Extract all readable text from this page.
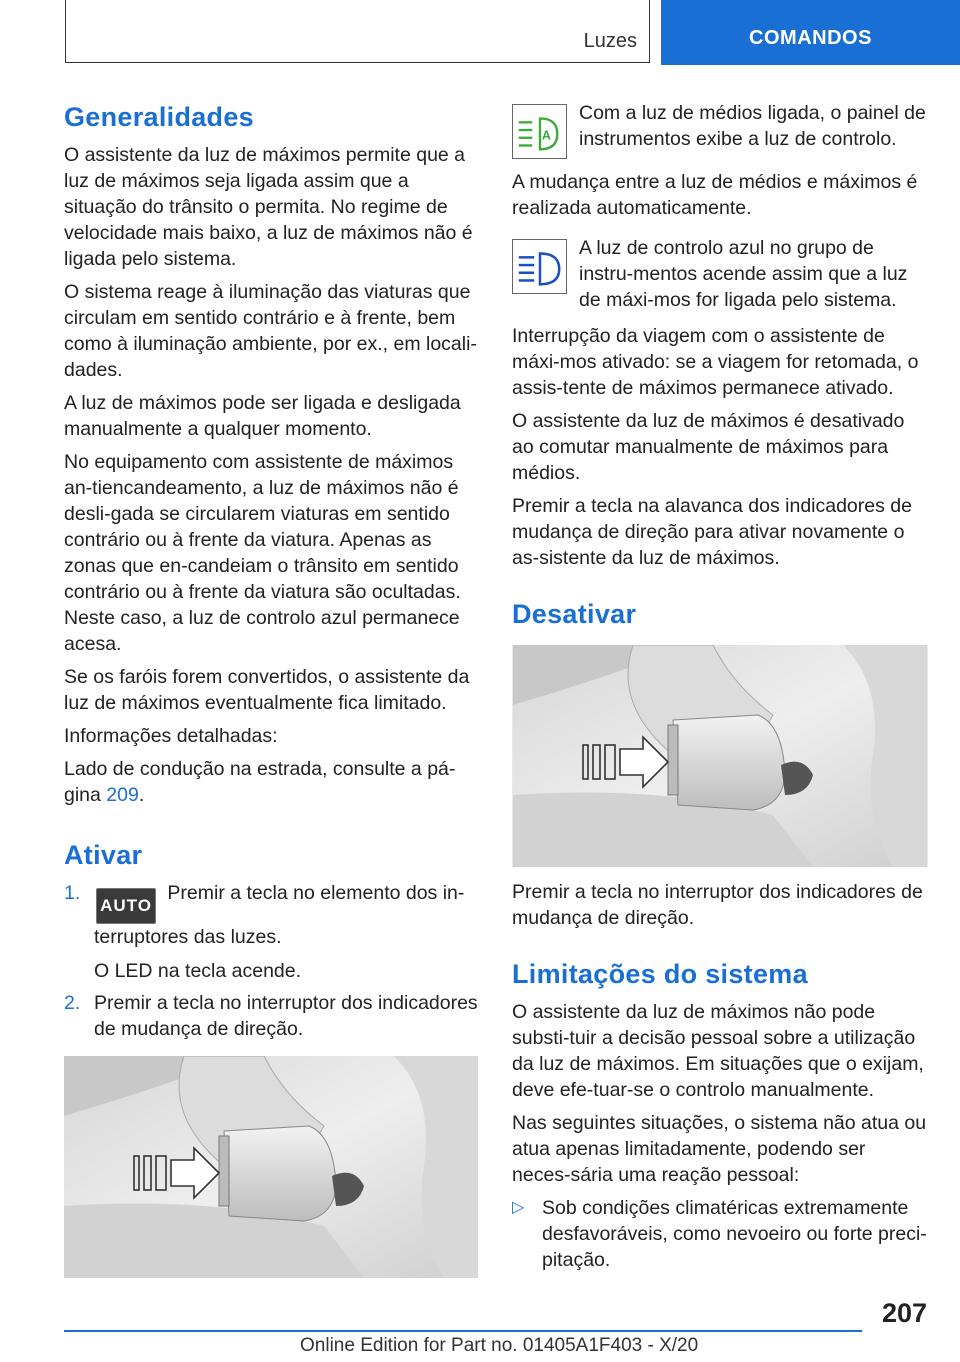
Luzes	COMANDOS
Generalidades

O assistente da luz de máximos permite que a luz de máximos seja ligada assim que a situação do trânsito o permita. No regime de velocidade mais baixo, a luz de máximos não é ligada pelo sistema.

O sistema reage à iluminação das viaturas que circulam em sentido contrário e à frente, bem como à iluminação ambiente, por ex., em locali-dades.

A luz de máximos pode ser ligada e desligada manualmente a qualquer momento.

No equipamento com assistente de máximos an-tiencandeamento, a luz de máximos não é desli-gada se circularem viaturas em sentido contrário ou à frente da viatura. Apenas as zonas que en-candeiam o trânsito em sentido contrário ou à frente da viatura são ocultadas. Neste caso, a luz de controlo azul permanece acesa.

Se os faróis forem convertidos, o assistente da luz de máximos eventualmente fica limitado.

Informações detalhadas:

Lado de condução na estrada, consulte a pá-gina 209.

Ativar
1.
AUTO Premir a tecla no elemento dos in-terruptores das luzes.
O LED na tecla acende.
2. Premir a tecla no interruptor dos indicadores de mudança de direção.
A
Com a luz de médios ligada, o painel de instrumentos exibe a luz de controlo.

A mudança entre a luz de médios e máximos é realizada automaticamente.

A luz de controlo azul no grupo de instru-mentos acende assim que a luz de máxi-mos for ligada pelo sistema.

Interrupção da viagem com o assistente de máxi-mos ativado: se a viagem for retomada, o assis-tente de máximos permanece ativado.

O assistente da luz de máximos é desativado ao comutar manualmente de máximos para médios.

Premir a tecla na alavanca dos indicadores de mudança de direção para ativar novamente o as-sistente da luz de máximos.

Desativar

Premir a tecla no interruptor dos indicadores de mudança de direção.

Limitações do sistema

O assistente da luz de máximos não pode substi-tuir a decisão pessoal sobre a utilização da luz de máximos. Em situações que o exijam, deve efe-tuar-se o controlo manualmente.

Nas seguintes situações, o sistema não atua ou atua apenas limitadamente, podendo ser neces-sária uma reação pessoal:

▷ Sob condições climatéricas extremamente desfavoráveis, como nevoeiro ou forte preci-pitação.
207
Online Edition for Part no. 01405A1F403 - X/20
